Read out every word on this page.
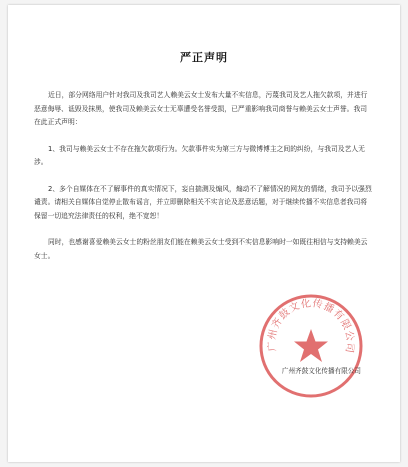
严正声明

近日，部分网络用户针对我司及我司艺人赖美云女士发布大量不实信息，污蔑我司及艺人拖欠款项，并进行恶意侮辱、诋毁及抹黑，使我司及赖美云女士无辜遭受名誉受损，已严重影响我司商誉与赖美云女士声誉。我司在此正式声明：

1、我司与赖美云女士不存在拖欠款项行为。欠款事件实为第三方与微博博主之间的纠纷，与我司及艺人无涉。

2、多个自媒体在不了解事件的真实情况下，妄自揣测及煽风，煽动不了解情况的网友的情绪，我司予以强烈谴责。请相关自媒体自觉停止散布谣言，并立即删除相关不实言论及恶意话题，对于继续传播不实信息者我司将保留一切追究法律责任的权利，绝不宽恕！

同时，也感谢喜爱赖美云女士的粉丝朋友们能在赖美云女士受到不实信息影响时一如既往相信与支持赖美云女士。

广州齐鼓文化传播有限公司
广州齐鼓文化传播有限公司
